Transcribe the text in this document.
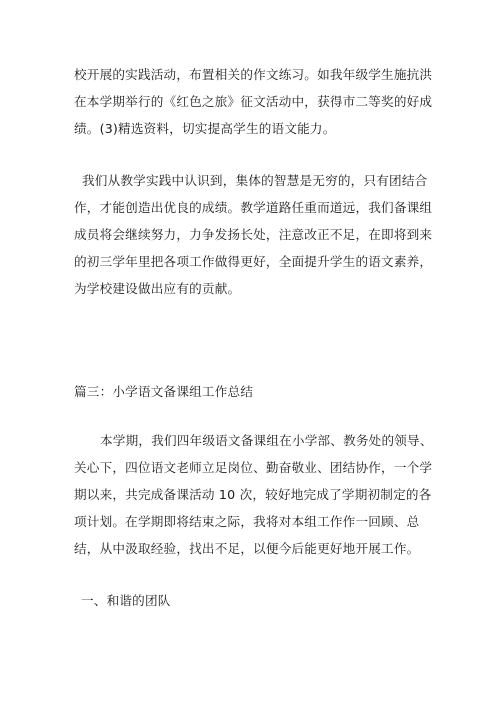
校开展的实践活动，布置相关的作文练习。如我年级学生施抗洪在本学期举行的《红色之旅》征文活动中，获得市二等奖的好成绩。(3)精选资料，切实提高学生的语文能力。

我们从教学实践中认识到，集体的智慧是无穷的，只有团结合作，才能创造出优良的成绩。教学道路任重而道远，我们备课组成员将会继续努力，力争发扬长处，注意改正不足，在即将到来的初三学年里把各项工作做得更好，全面提升学生的语文素养，为学校建设做出应有的贡献。

篇三：小学语文备课组工作总结

本学期，我们四年级语文备课组在小学部、教务处的领导、关心下，四位语文老师立足岗位、勤奋敬业、团结协作，一个学期以来，共完成备课活动 10 次，较好地完成了学期初制定的各项计划。在学期即将结束之际，我将对本组工作作一回顾、总结，从中汲取经验，找出不足，以便今后能更好地开展工作。

一、和谐的团队
